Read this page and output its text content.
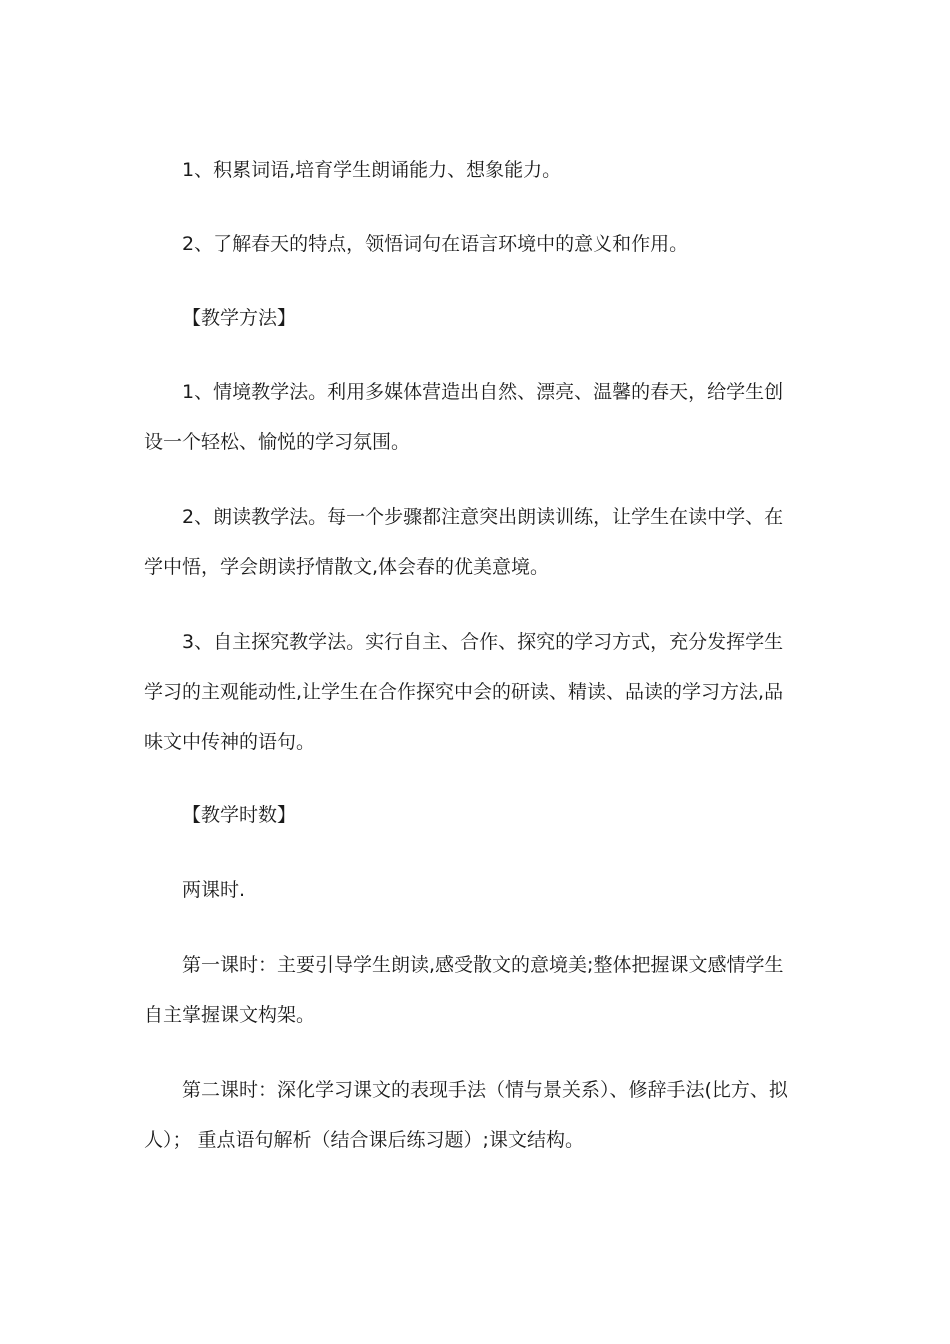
1、积累词语,培育学生朗诵能力、想象能力。

2、了解春天的特点，领悟词句在语言环境中的意义和作用。

【教学方法】

1、情境教学法。利用多媒体营造出自然、漂亮、温馨的春天，给学生创设一个轻松、愉悦的学习氛围。

2、朗读教学法。每一个步骤都注意突出朗读训练，让学生在读中学、在学中悟，学会朗读抒情散文,体会春的优美意境。

3、自主探究教学法。实行自主、合作、探究的学习方式，充分发挥学生学习的主观能动性,让学生在合作探究中会的研读、精读、品读的学习方法,品味文中传神的语句。

【教学时数】

两课时.

第一课时：主要引导学生朗读,感受散文的意境美;整体把握课文感情学生自主掌握课文构架。

第二课时：深化学习课文的表现手法（情与景关系）、修辞手法(比方、拟人）； 重点语句解析（结合课后练习题）;课文结构。
